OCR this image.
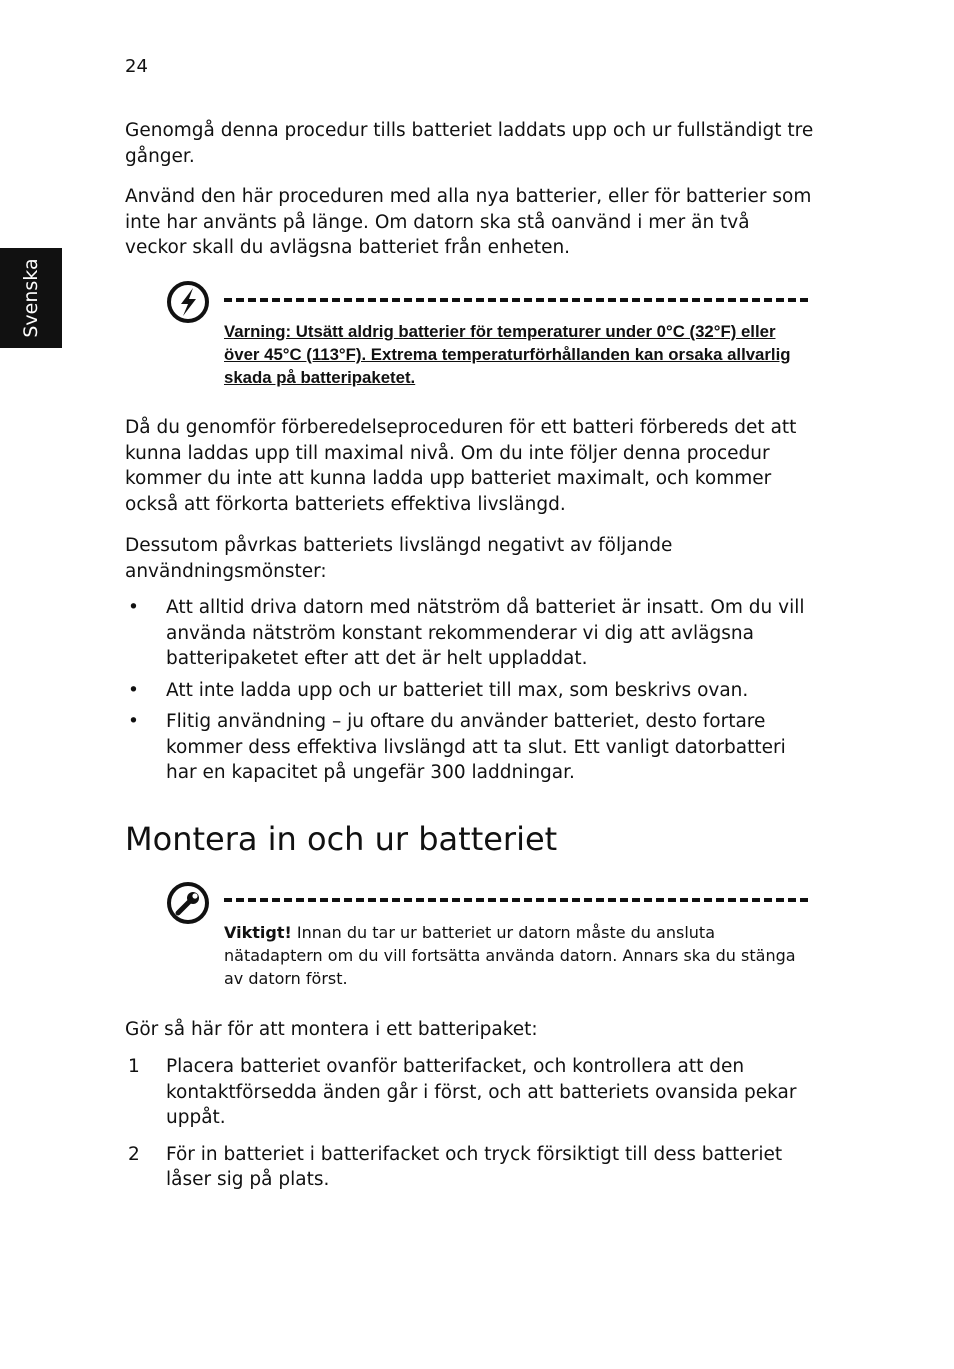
24
Svenska

Genomgå denna procedur tills batteriet laddats upp och ur fullständigt tre gånger.

Använd den här proceduren med alla nya batterier, eller för batterier som inte har använts på länge. Om datorn ska stå oanvänd i mer än två veckor skall du avlägsna batteriet från enheten.

Varning: Utsätt aldrig batterier för temperaturer under 0°C (32°F) eller över 45°C (113°F). Extrema temperaturförhållanden kan orsaka allvarlig skada på batteripaketet.

Då du genomför förberedelseproceduren för ett batteri förbereds det att kunna laddas upp till maximal nivå. Om du inte följer denna procedur kommer du inte att kunna ladda upp batteriet maximalt, och kommer också att förkorta batteriets effektiva livslängd.

Dessutom påvrkas batteriets livslängd negativt av följande användningsmönster:

• Att alltid driva datorn med nätström då batteriet är insatt. Om du vill använda nätström konstant rekommenderar vi dig att avlägsna batteripaketet efter att det är helt uppladdat.
• Att inte ladda upp och ur batteriet till max, som beskrivs ovan.
• Flitig användning – ju oftare du använder batteriet, desto fortare kommer dess effektiva livslängd att ta slut. Ett vanligt datorbatteri har en kapacitet på ungefär 300 laddningar.
Montera in och ur batteriet
Viktigt! Innan du tar ur batteriet ur datorn måste du ansluta nätadaptern om du vill fortsätta använda datorn. Annars ska du stänga av datorn först.

Gör så här för att montera i ett batteripaket:

1 Placera batteriet ovanför batterifacket, och kontrollera att den kontaktförsedda änden går i först, och att batteriets ovansida pekar uppåt.
2 För in batteriet i batterifacket och tryck försiktigt till dess batteriet låser sig på plats.
